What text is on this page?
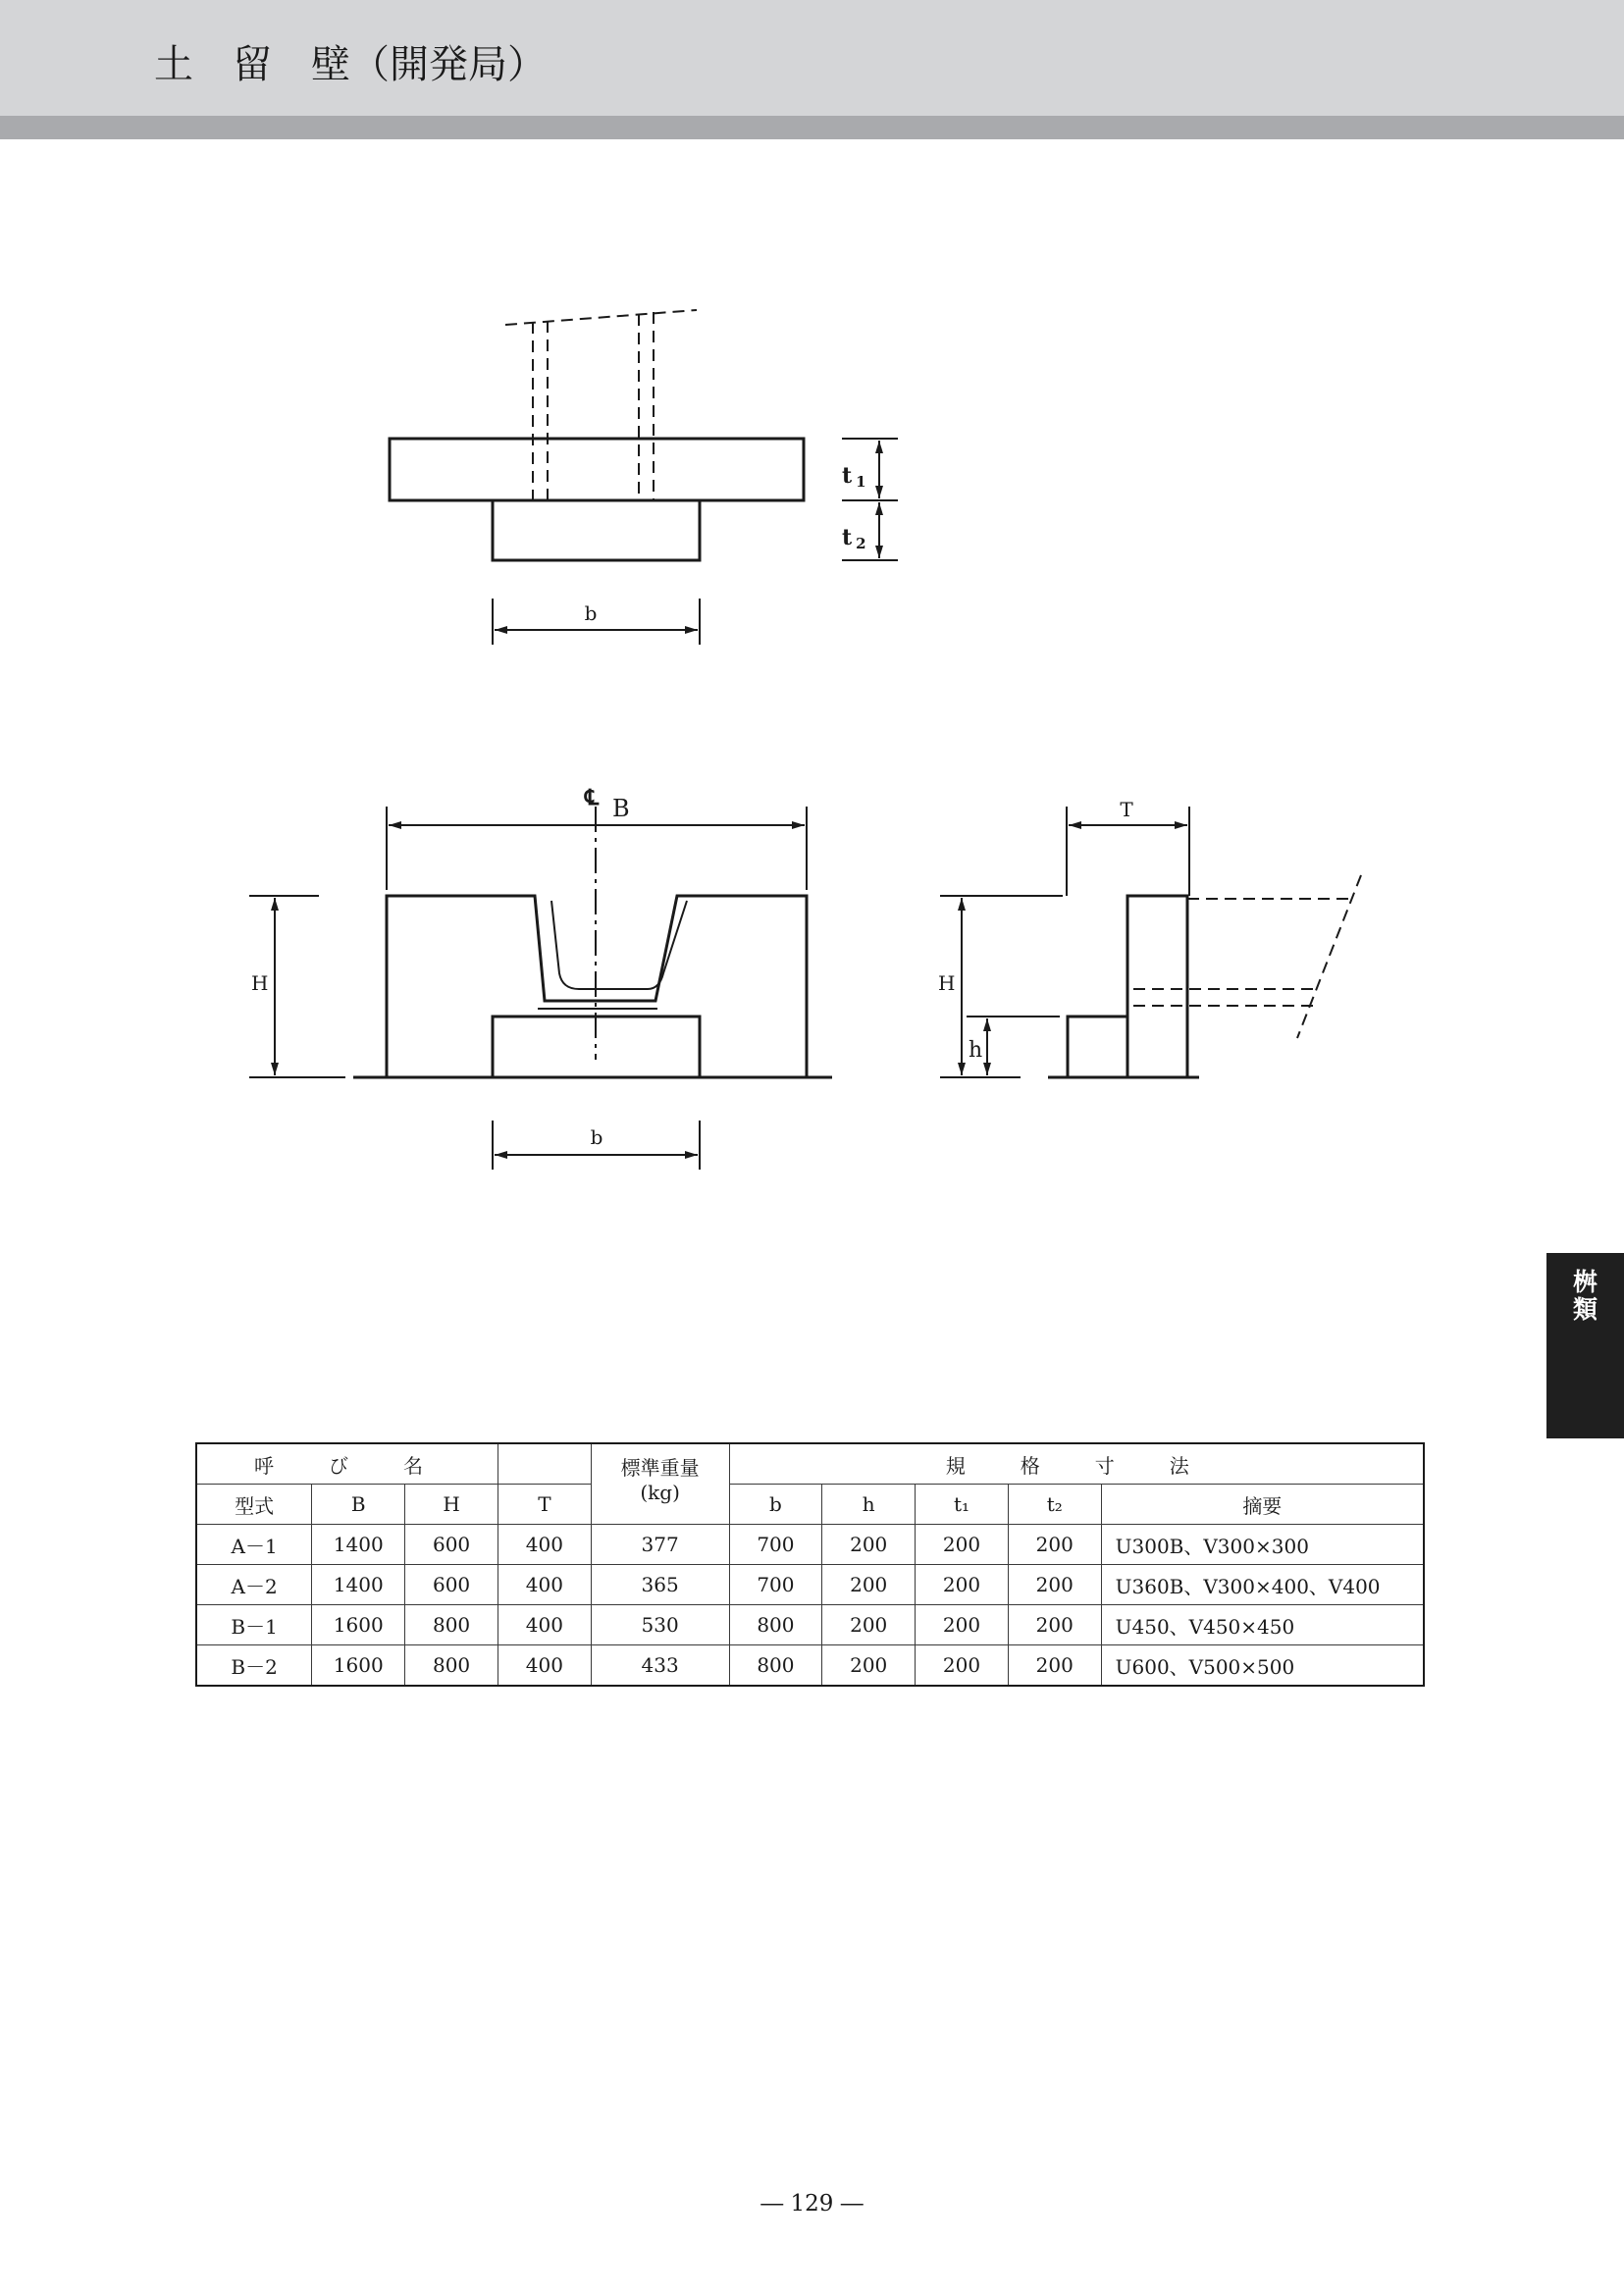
土　留　壁（開発局）
桝
類
t 1
t 2
b
℄ B
H
b
T
H
h
呼　び　名				標準重量
(kg)	規　格　寸　法				
型式	B	H	T		b	h	t₁	t₂	摘要
A－1	1400	600	400	377	700	200	200	200	U300B、V300×300
A－2	1400	600	400	365	700	200	200	200	U360B、V300×400、V400
B－1	1600	800	400	530	800	200	200	200	U450、V450×450
B－2	1600	800	400	433	800	200	200	200	U600、V500×500
― 129 ―
